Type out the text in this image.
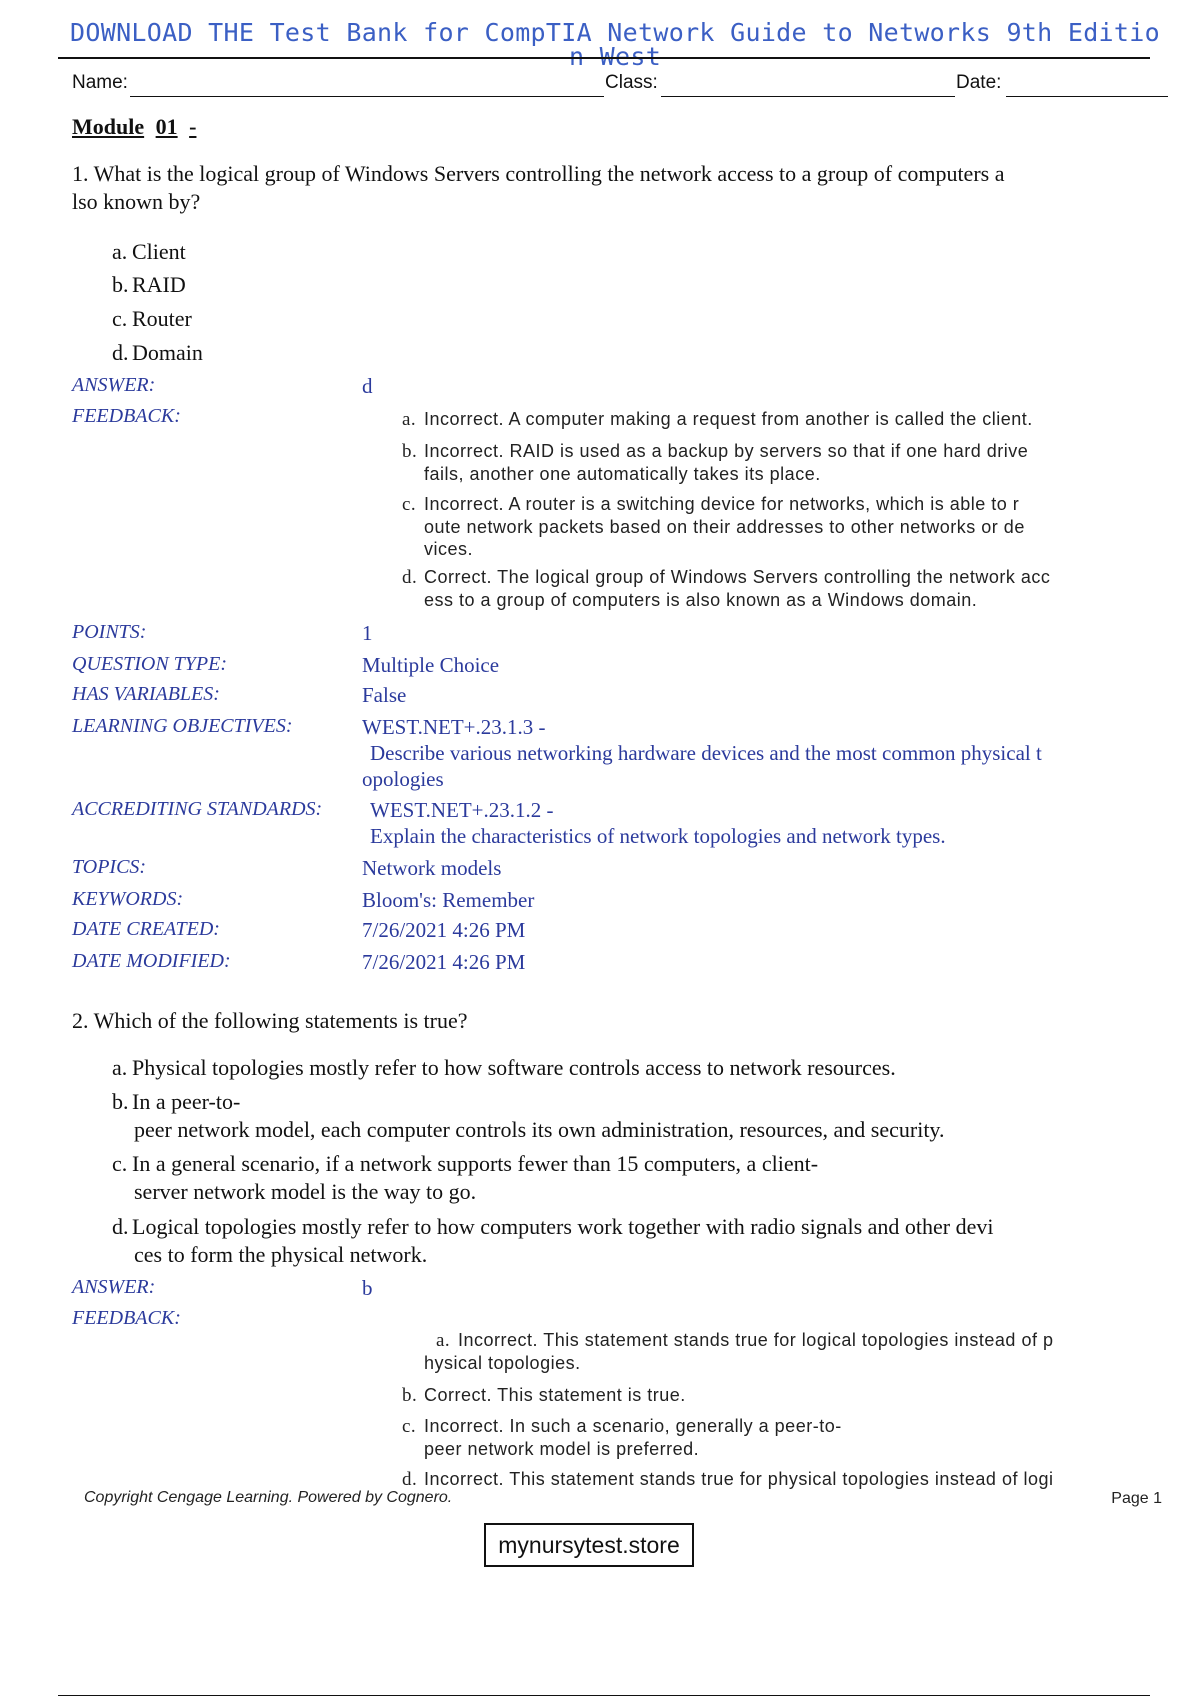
DOWNLOAD THE Test Bank for CompTIA Network Guide to Networks 9th Editio
n West
Name:	Class:	Date:
Module 01 -
1. What is the logical group of Windows Servers controlling the network access to a group of computers a
lso known by?
a. Client
b. RAID
c. Router
d. Domain
ANSWER:	d
FEEDBACK:	a. Incorrect. A computer making a request from another is called the client.
b. Incorrect. RAID is used as a backup by servers so that if one hard drive
fails, another one automatically takes its place.
c. Incorrect. A router is a switching device for networks, which is able to r
oute network packets based on their addresses to other networks or de
vices.
d. Correct. The logical group of Windows Servers controlling the network acc
ess to a group of computers is also known as a Windows domain.
POINTS:	1
QUESTION TYPE:	Multiple Choice
HAS VARIABLES:	False
LEARNING OBJECTIVES:	WEST.NET+.23.1.3 -
Describe various networking hardware devices and the most common physical t
opologies
ACCREDITING STANDARDS: WEST.NET+.23.1.2 -
Explain the characteristics of network topologies and network types.
TOPICS:	Network models
KEYWORDS:	Bloom's: Remember
DATE CREATED:	7/26/2021 4:26 PM
DATE MODIFIED:	7/26/2021 4:26 PM
2. Which of the following statements is true?
a. Physical topologies mostly refer to how software controls access to network resources.
b. In a peer-to-
peer network model, each computer controls its own administration, resources, and security.
c. In a general scenario, if a network supports fewer than 15 computers, a client-
server network model is the way to go.
d. Logical topologies mostly refer to how computers work together with radio signals and other devi
ces to form the physical network.
ANSWER:	b
FEEDBACK:
a. Incorrect. This statement stands true for logical topologies instead of p
hysical topologies.
b. Correct. This statement is true.
c. Incorrect. In such a scenario, generally a peer-to-
peer network model is preferred.
d. Incorrect. This statement stands true for physical topologies instead of logi
Copyright Cengage Learning. Powered by Cognero.	Page 1
mynursytest.store
